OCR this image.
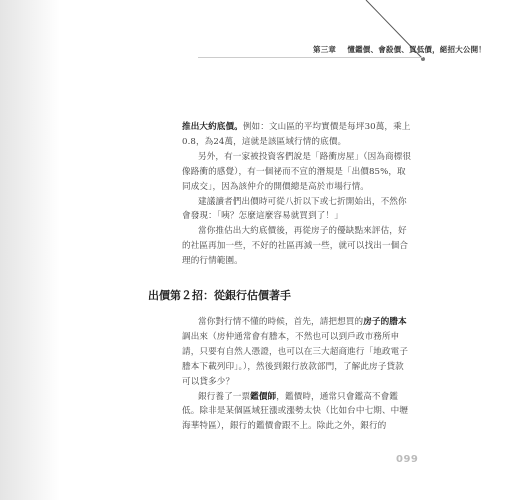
第三章 懂鑑價、會殺價、買低價，絕招大公開！

推出大約底價。例如：文山區的平均實價是每坪30萬，乘上0.8，為24萬，這就是該區域行情的底價。

另外，有一家被投資客們說是「路衝房屋」（因為商標很像路衝的感覺），有一個祕而不宣的潛規是「出價85%，取同成交」，因為該仲介的開價總是高於市場行情。

建議讀者們出價時可從八折以下或七折開始出，不然你會發現：「咦？怎麼這麼容易就買到了！」

當你推估出大約底價後，再從房子的優缺點來評估，好的社區再加一些，不好的社區再減一些，就可以找出一個合理的行情範圍。

出價第２招：從銀行估價著手

當你對行情不懂的時候，首先，請把想買的房子的謄本調出來（房仲通常會有謄本，不然也可以到戶政市務所申請，只要有自然人憑證，也可以在三大超商進行「地政電子謄本下載列印」。），然後到銀行放款部門，了解此房子貸款可以貸多少？

銀行養了一票鑑價師，鑑價時，通常只會鑑高不會鑑低。除非是某個區域狂漲或漲勢太快（比如台中七期、中壢海華特區），銀行的鑑價會跟不上。除此之外，銀行的

099
